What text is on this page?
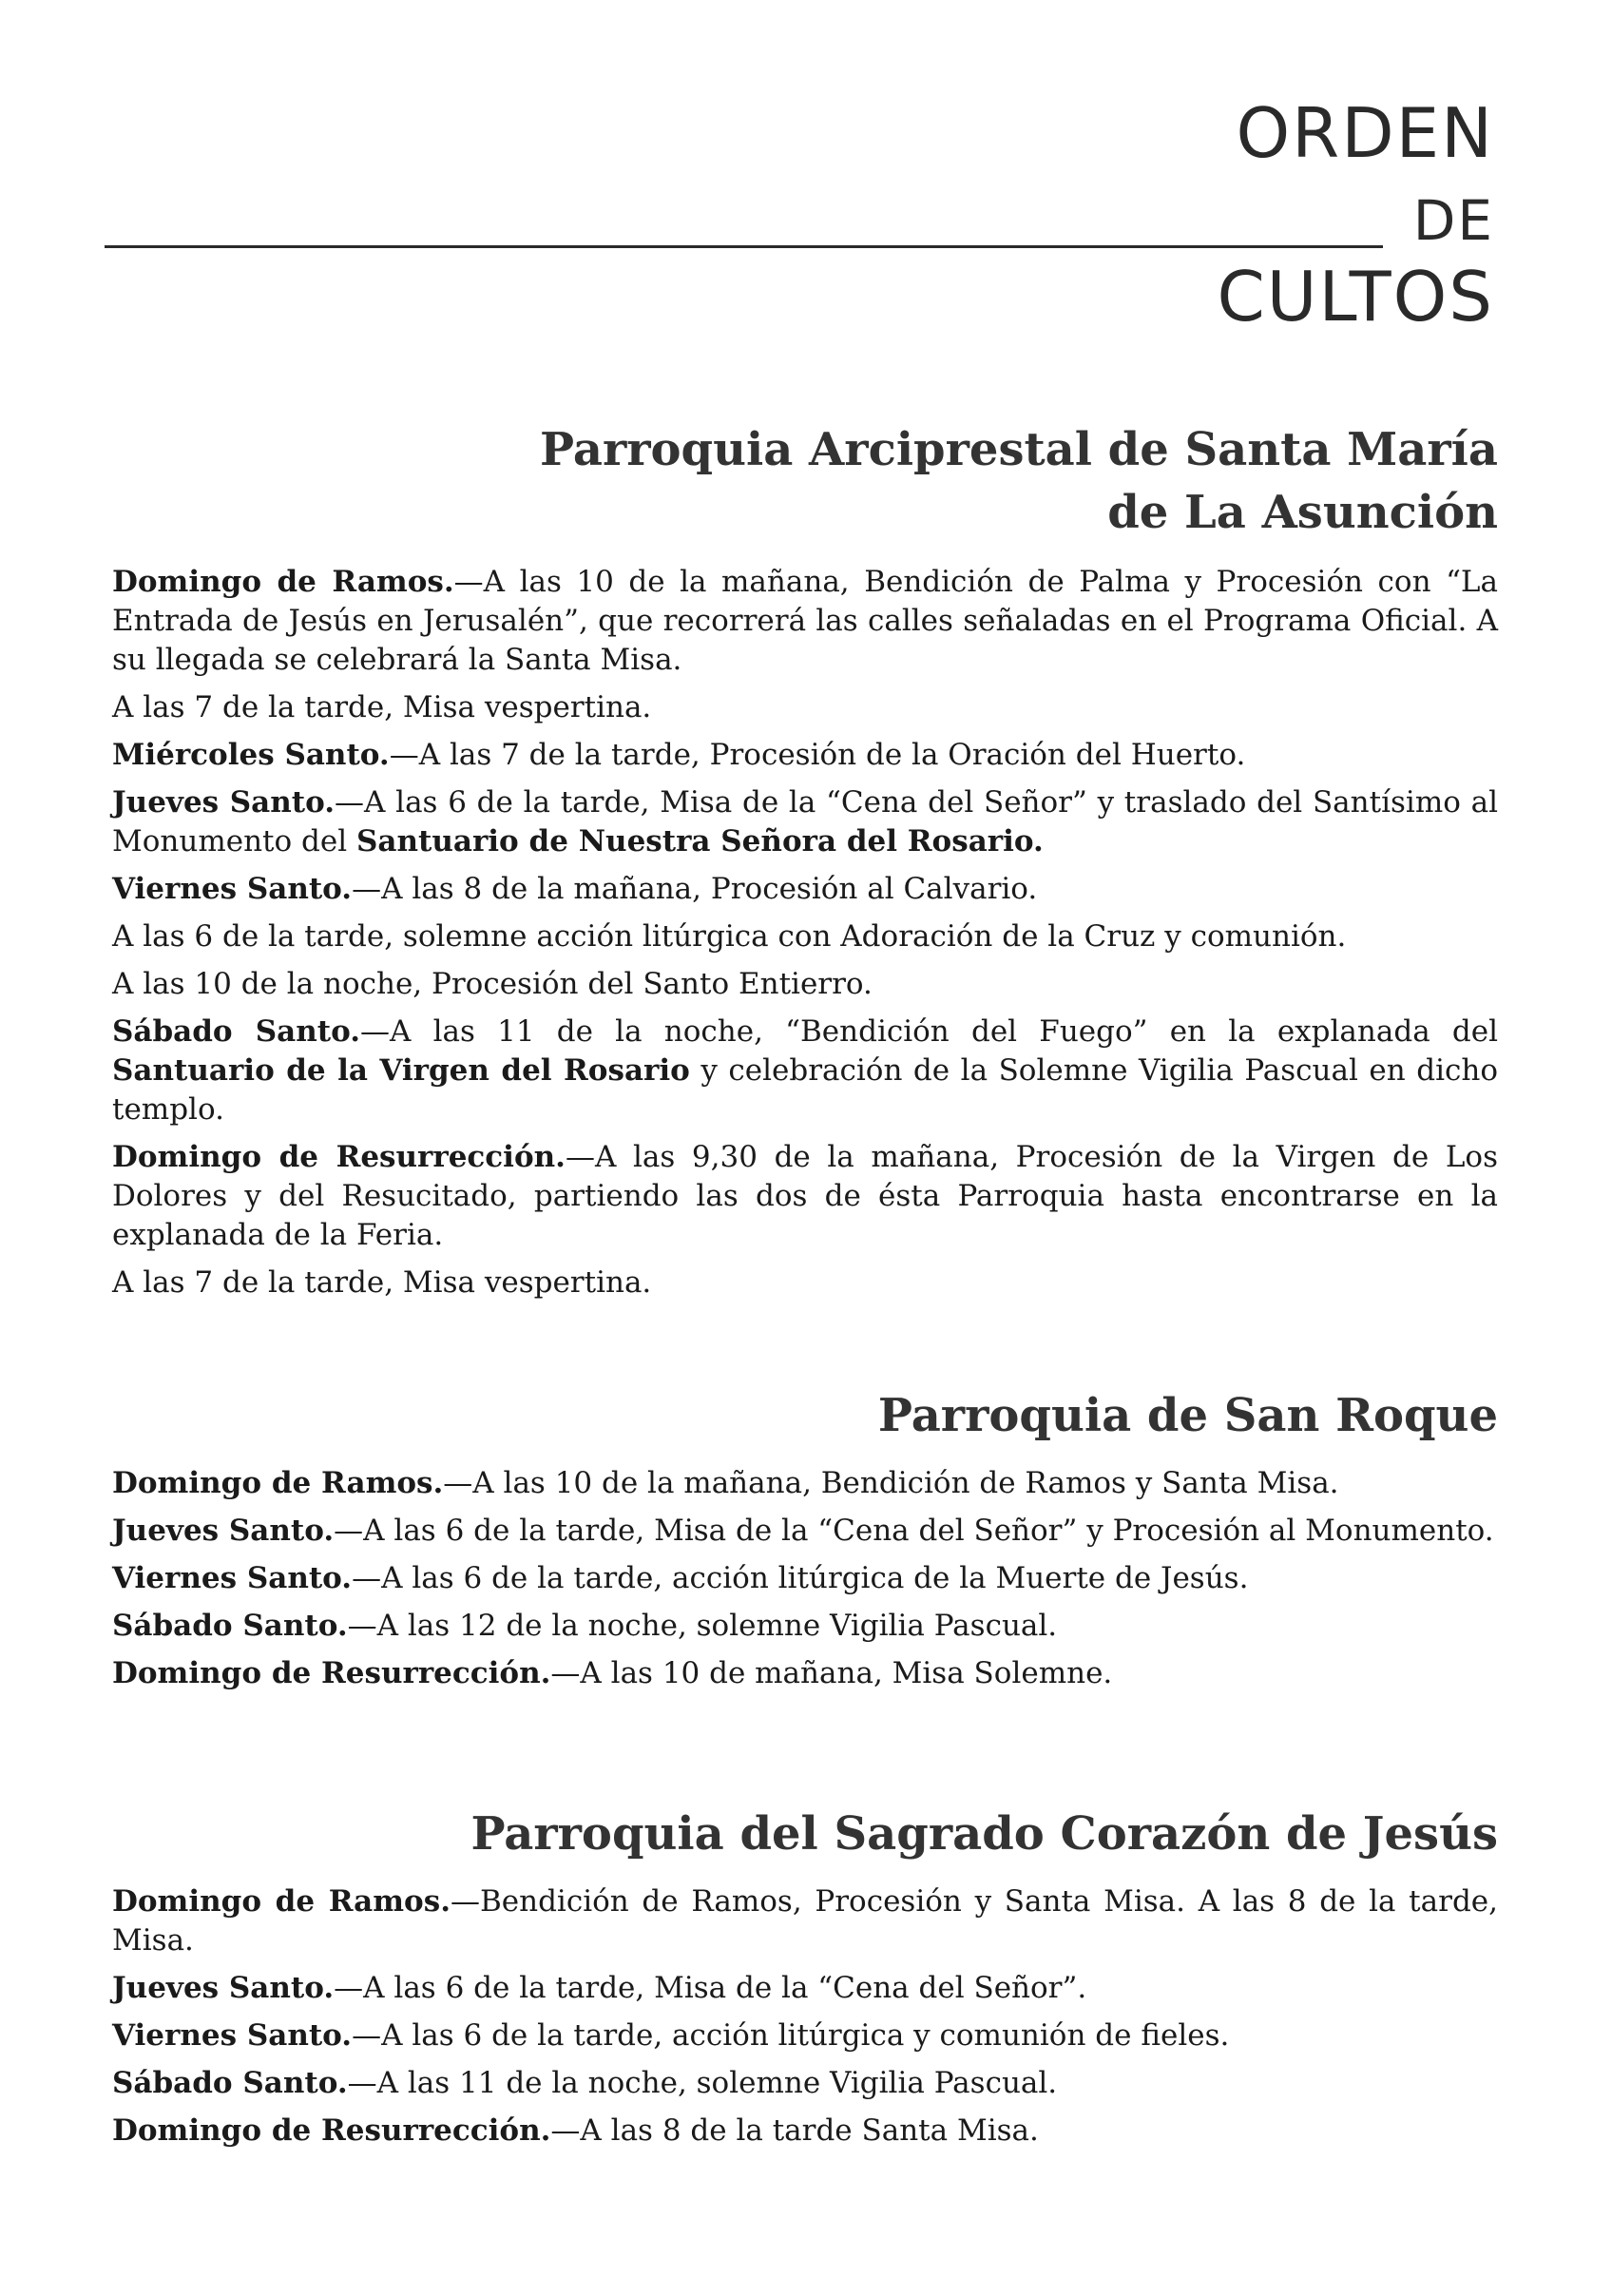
ORDEN
DE
CULTOS
Parroquia Arciprestal de Santa María
de La Asunción

Domingo de Ramos.—A las 10 de la mañana, Bendición de Palma y Procesión con “La Entrada de Jesús en Jerusalén”, que recorrerá las calles señaladas en el Programa Oficial. A su llegada se celebrará la Santa Misa.

A las 7 de la tarde, Misa vespertina.

Miércoles Santo.—A las 7 de la tarde, Procesión de la Oración del Huerto.

Jueves Santo.—A las 6 de la tarde, Misa de la “Cena del Señor” y traslado del Santísimo al Monumento del Santuario de Nuestra Señora del Rosario.

Viernes Santo.—A las 8 de la mañana, Procesión al Calvario.

A las 6 de la tarde, solemne acción litúrgica con Adoración de la Cruz y comunión.

A las 10 de la noche, Procesión del Santo Entierro.

Sábado Santo.—A las 11 de la noche, “Bendición del Fuego” en la explanada del Santuario de la Virgen del Rosario y celebración de la Solemne Vigilia Pascual en dicho templo.

Domingo de Resurrección.—A las 9,30 de la mañana, Procesión de la Virgen de Los Dolores y del Resucitado, partiendo las dos de ésta Parroquia hasta encontrarse en la explanada de la Feria.

A las 7 de la tarde, Misa vespertina.

Parroquia de San Roque

Domingo de Ramos.—A las 10 de la mañana, Bendición de Ramos y Santa Misa.

Jueves Santo.—A las 6 de la tarde, Misa de la “Cena del Señor” y Procesión al Monumento.

Viernes Santo.—A las 6 de la tarde, acción litúrgica de la Muerte de Jesús.

Sábado Santo.—A las 12 de la noche, solemne Vigilia Pascual.

Domingo de Resurrección.—A las 10 de mañana, Misa Solemne.

Parroquia del Sagrado Corazón de Jesús

Domingo de Ramos.—Bendición de Ramos, Procesión y Santa Misa. A las 8 de la tarde, Misa.

Jueves Santo.—A las 6 de la tarde, Misa de la “Cena del Señor”.

Viernes Santo.—A las 6 de la tarde, acción litúrgica y comunión de fieles.

Sábado Santo.—A las 11 de la noche, solemne Vigilia Pascual.

Domingo de Resurrección.—A las 8 de la tarde Santa Misa.
